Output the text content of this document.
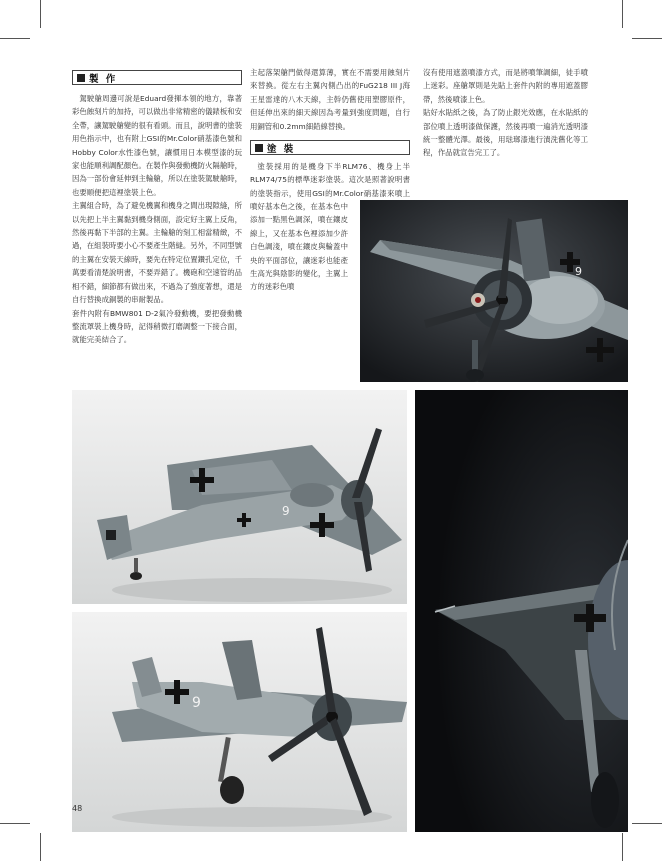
製 作

駕駛艙周邊可說是Eduard發揮本領的地方，靠著彩色蝕刻片的加持，可以做出非常精密的儀錶板和安全帶，讓駕駛艙變的很有看頭。而且，說明書的塗裝用色指示中，也有附上GSI的Mr.Color硝基漆色號和Hobby Color水性漆色號，讓慣用日本模型漆的玩家也能順利調配顏色。在製作與發動機防火隔艙時，因為一部份會延伸到主輪艙，所以在塗裝駕駛艙時，也要順便把這裡塗裝上色。

主翼組合時，為了避免機翼和機身之間出現隙縫，所以先把上半主翼黏到機身側面，設定好主翼上反角，然後再黏下半部的主翼。主輪艙的刻工相當精緻，不過，在組裝時要小心不要產生階縫。另外，不同型號的主翼在安裝天線時，要先在特定位置鑽孔定位，千萬要看清楚說明書，不要弄錯了。機砲和空速管的品相不錯，細節都有做出來，不過為了強度著想，還是自行替換成銅製的串耐製品。

套件內附有BMW801 D-2氣冷發動機，要把發動機整流罩裝上機身時，記得稍微打磨調整一下接合面，就能完美結合了。

主起落架艙門做得還算薄，實在不需要用蝕刻片來替換。從左右主翼內側凸出的FuG218 III J海王星雷達的八木天線，主幹仍舊使用塑膠原件，但延伸出來的細天線因為考量到強度問題，自行用銅管和0.2mm細鉛線替換。

塗 裝

塗裝採用的是機身下半RLM76、機身上半RLM74/75的標準迷彩塗裝。這次是照著說明書的塗裝指示，使用GSI的Mr.Color硝基漆來噴上

噴好基本色之後，在基本色中添加一點黑色調深，噴在鑲皮線上，又在基本色裡添加少許白色調淺，噴在鑲皮與輪蓋中央的平面部位，讓迷彩也能產生高光與陰影的變化，主翼上方的迷彩色噴

沒有使用遮蓋噴漆方式，而是將噴筆調細，徒手噴上迷彩。座艙罩則是先貼上套件內附的專用遮蓋膠帶，然後噴漆上色。

貼好水貼紙之後，為了防止銀光效應，在水貼紙的部位噴上透明漆做保護，然後再噴一遍消光透明漆統一整體光澤。最後，用琺瑯漆進行漬洗舊化等工程，作品就宣告完工了。

9
9
9
48
